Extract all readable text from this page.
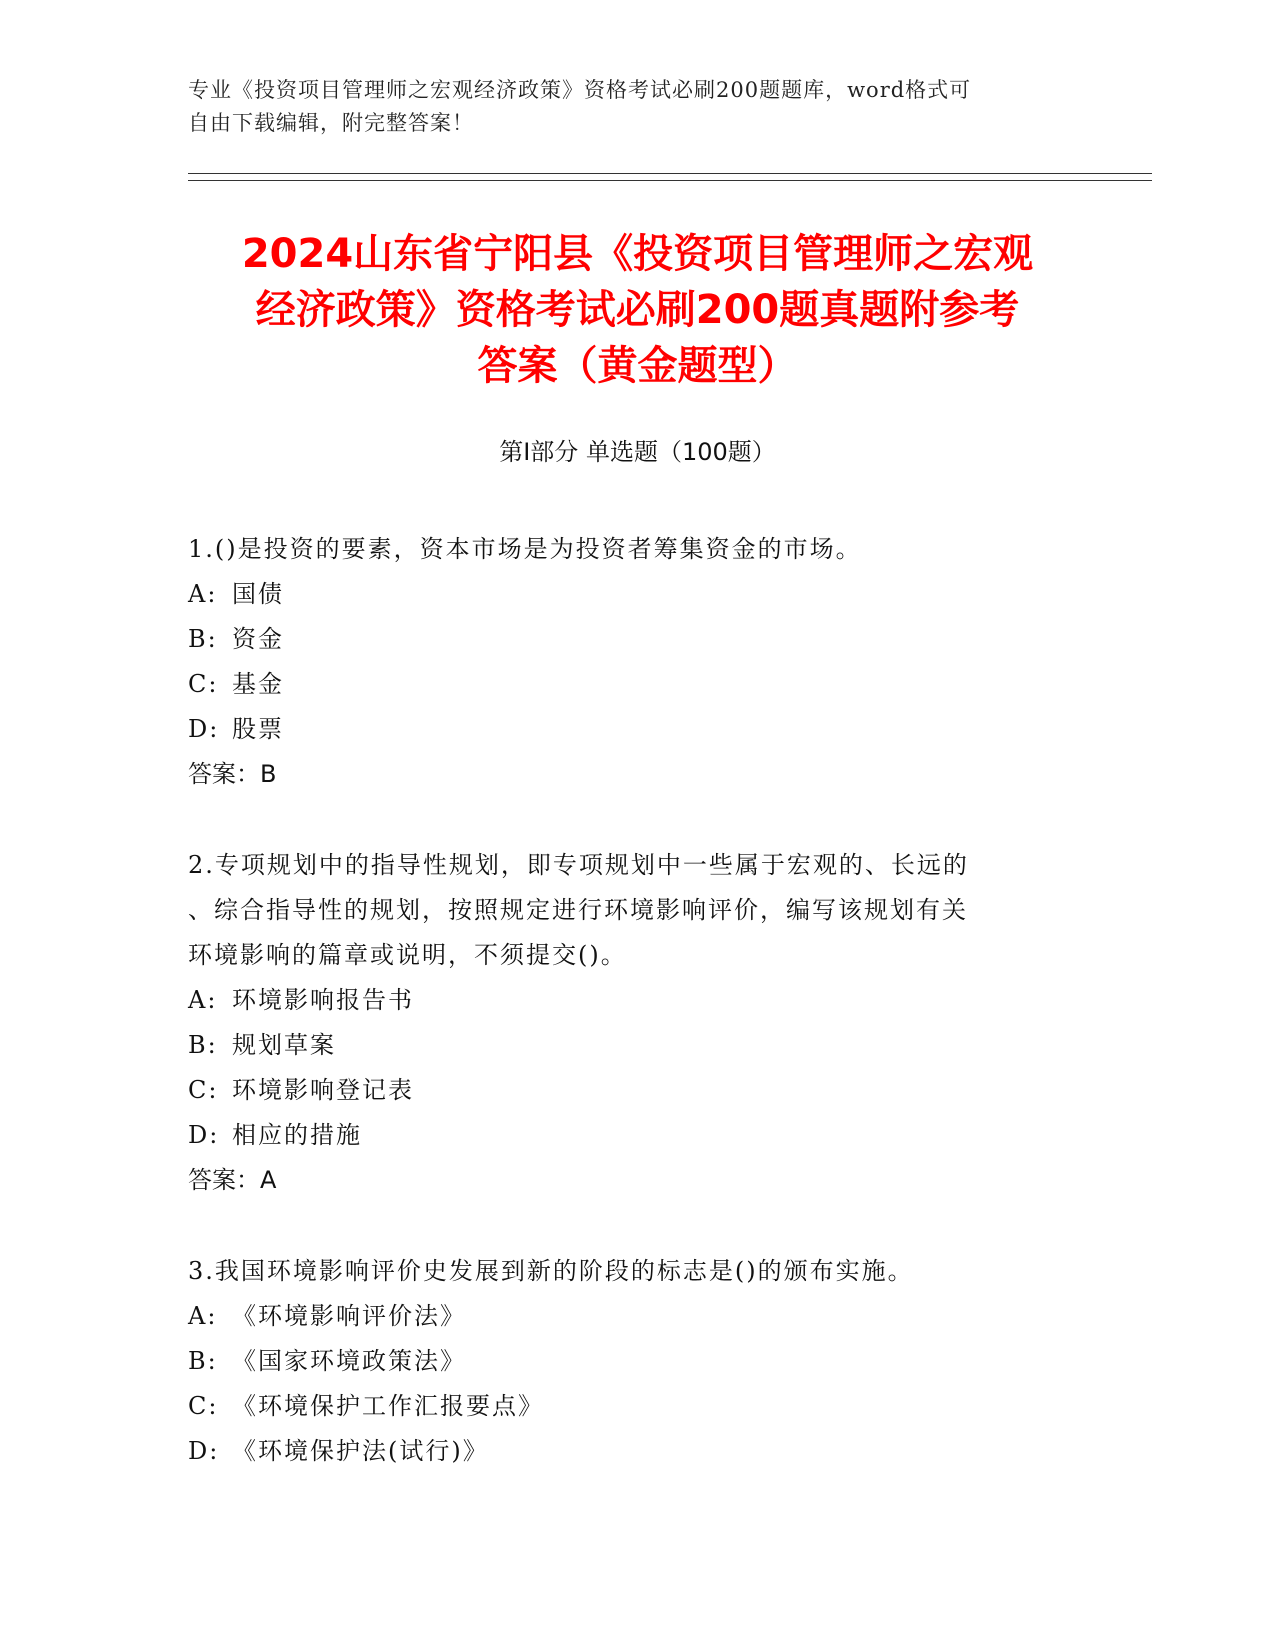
专业《投资项目管理师之宏观经济政策》资格考试必刷200题题库，word格式可
自由下载编辑，附完整答案！
2024山东省宁阳县《投资项目管理师之宏观
经济政策》资格考试必刷200题真题附参考
答案（黄金题型）
第Ⅰ部分 单选题（100题）
1.()是投资的要素，资本市场是为投资者筹集资金的市场。
A: 国债
B: 资金
C: 基金
D: 股票
答案：B
2.专项规划中的指导性规划，即专项规划中一些属于宏观的、长远的
、综合指导性的规划，按照规定进行环境影响评价，编写该规划有关
环境影响的篇章或说明，不须提交()。
A: 环境影响报告书
B: 规划草案
C: 环境影响登记表
D: 相应的措施
答案：A
3.我国环境影响评价史发展到新的阶段的标志是()的颁布实施。
A: 《环境影响评价法》
B: 《国家环境政策法》
C: 《环境保护工作汇报要点》
D: 《环境保护法(试行)》
